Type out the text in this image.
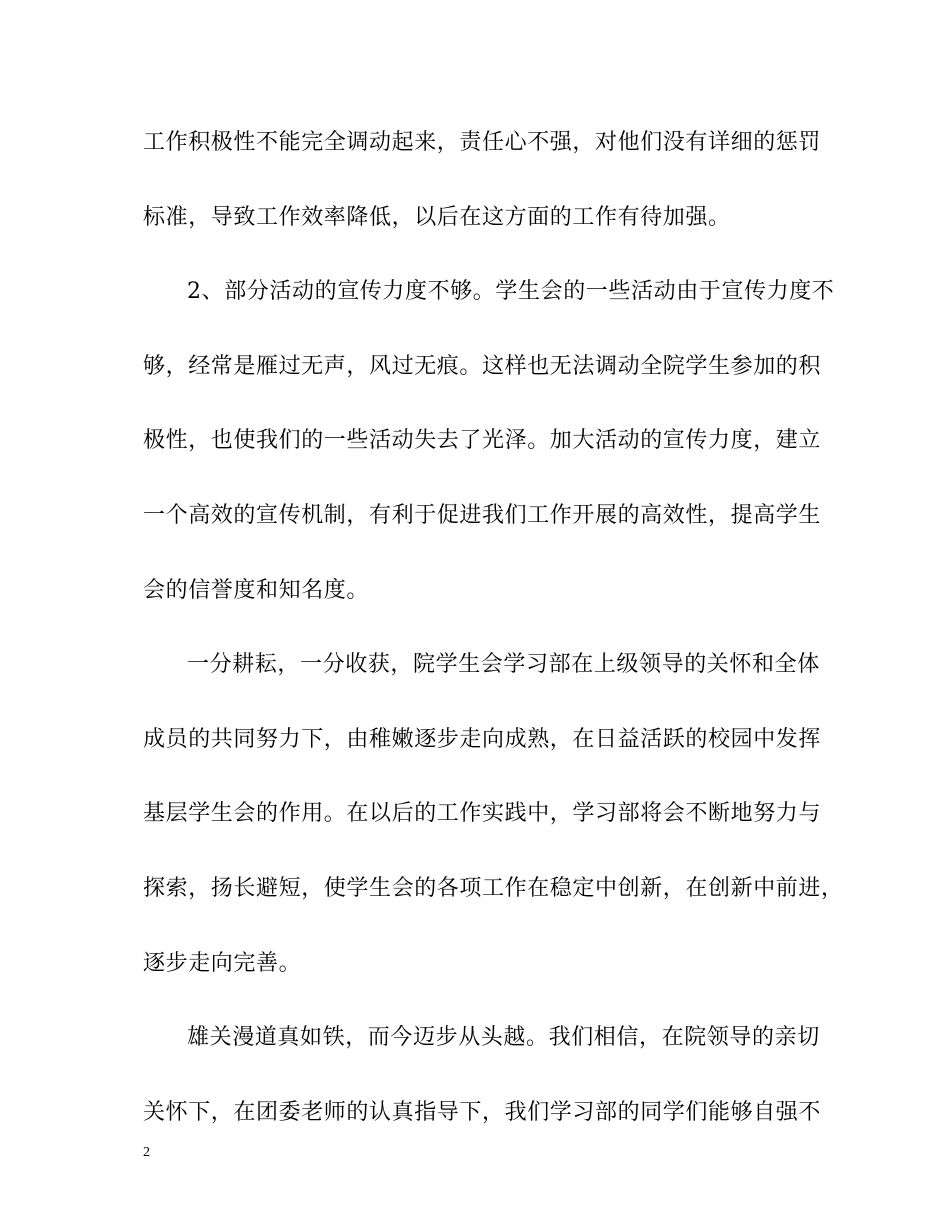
工作积极性不能完全调动起来，责任心不强，对他们没有详细的惩罚
标准，导致工作效率降低，以后在这方面的工作有待加强。
2、部分活动的宣传力度不够。学生会的一些活动由于宣传力度不
够，经常是雁过无声，风过无痕。这样也无法调动全院学生参加的积
极性，也使我们的一些活动失去了光泽。加大活动的宣传力度，建立
一个高效的宣传机制，有利于促进我们工作开展的高效性，提高学生
会的信誉度和知名度。
一分耕耘，一分收获，院学生会学习部在上级领导的关怀和全体
成员的共同努力下，由稚嫩逐步走向成熟，在日益活跃的校园中发挥
基层学生会的作用。在以后的工作实践中，学习部将会不断地努力与
探索，扬长避短，使学生会的各项工作在稳定中创新，在创新中前进，
逐步走向完善。
雄关漫道真如铁，而今迈步从头越。我们相信，在院领导的亲切
关怀下，在团委老师的认真指导下，我们学习部的同学们能够自强不
2
